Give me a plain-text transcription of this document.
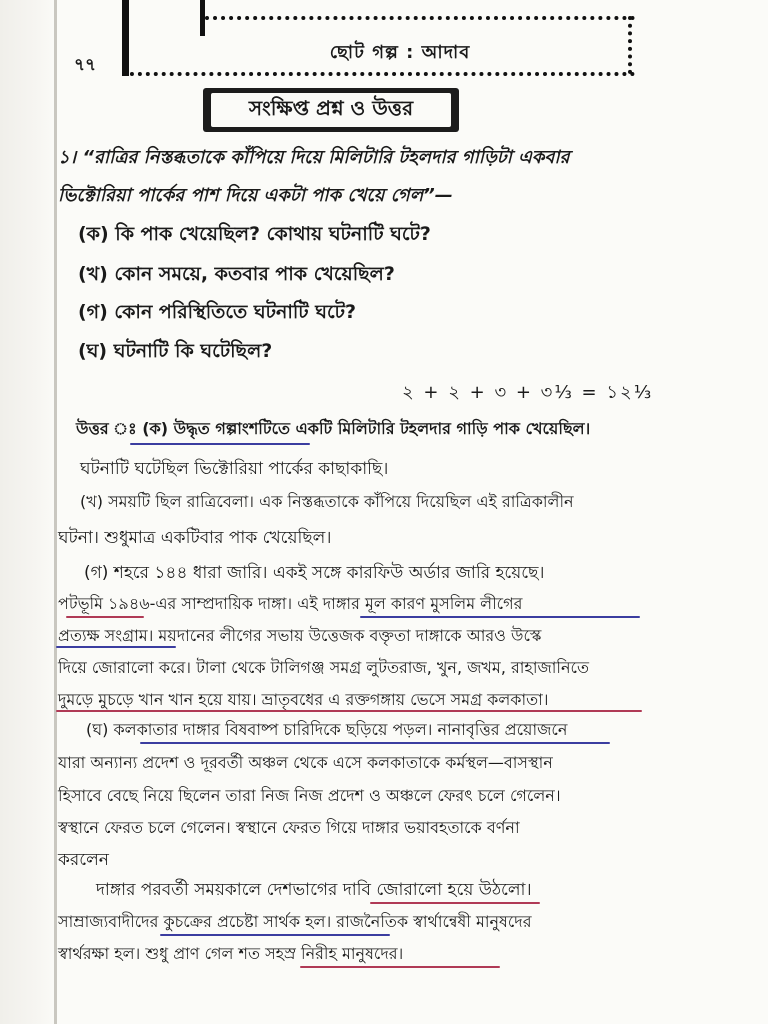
৭৭
ছোট গল্প : আদাব
সংক্ষিপ্ত প্রশ্ন ও উত্তর
১। “রাত্রির নিস্তব্ধতাকে কাঁপিয়ে দিয়ে মিলিটারি টহলদার গাড়িটা একবার
ভিক্টোরিয়া পার্কের পাশ দিয়ে একটা পাক খেয়ে গেল”—
(ক) কি পাক খেয়েছিল? কোথায় ঘটনাটি ঘটে?
(খ) কোন সময়ে, কতবার পাক খেয়েছিল?
(গ) কোন পরিস্থিতিতে ঘটনাটি ঘটে?
(ঘ) ঘটনাটি কি ঘটেছিল?
২ + ২ + ৩ + ৩⅓ = ১২⅓
উত্তর ঃ (ক) উদ্ধৃত গল্পাংশটিতে একটি মিলিটারি টহলদার গাড়ি পাক খেয়েছিল।
ঘটনাটি ঘটেছিল ভিক্টোরিয়া পার্কের কাছাকাছি।
(খ) সময়টি ছিল রাত্রিবেলা। এক নিস্তব্ধতাকে কাঁপিয়ে দিয়েছিল এই রাত্রিকালীন
ঘটনা। শুধুমাত্র একটিবার পাক খেয়েছিল।
(গ) শহরে ১৪৪ ধারা জারি। একই সঙ্গে কারফিউ অর্ডার জারি হয়েছে।
পটভূমি ১৯৪৬-এর সাম্প্রদায়িক দাঙ্গা। এই দাঙ্গার মূল কারণ মুসলিম লীগের
প্রত্যক্ষ সংগ্রাম। ময়দানের লীগের সভায় উত্তেজক বক্তৃতা দাঙ্গাকে আরও উস্কে
দিয়ে জোরালো করে। টালা থেকে টালিগঞ্জ সমগ্র লুটতরাজ, খুন, জখম, রাহাজানিতে
দুমড়ে মুচড়ে খান খান হয়ে যায়। ভ্রাতৃবধের এ রক্তগঙ্গায় ভেসে সমগ্র কলকাতা।
(ঘ) কলকাতার দাঙ্গার বিষবাষ্প চারিদিকে ছড়িয়ে পড়ল। নানাবৃত্তির প্রয়োজনে
যারা অন্যান্য প্রদেশ ও দূরবর্তী অঞ্চল থেকে এসে কলকাতাকে কর্মস্থল—বাসস্থান
হিসাবে বেছে নিয়ে ছিলেন তারা নিজ নিজ প্রদেশ ও অঞ্চলে ফেরৎ চলে গেলেন।
স্বস্থানে ফেরত চলে গেলেন। স্বস্থানে ফেরত গিয়ে দাঙ্গার ভয়াবহতাকে বর্ণনা
করলেন
দাঙ্গার পরবর্তী সময়কালে দেশভাগের দাবি জোরালো হয়ে উঠলো।
সাম্রাজ্যবাদীদের কুচক্রের প্রচেষ্টা সার্থক হল। রাজনৈতিক স্বার্থান্বেষী মানুষদের
স্বার্থরক্ষা হল। শুধু প্রাণ গেল শত সহস্র নিরীহ মানুষদের।
